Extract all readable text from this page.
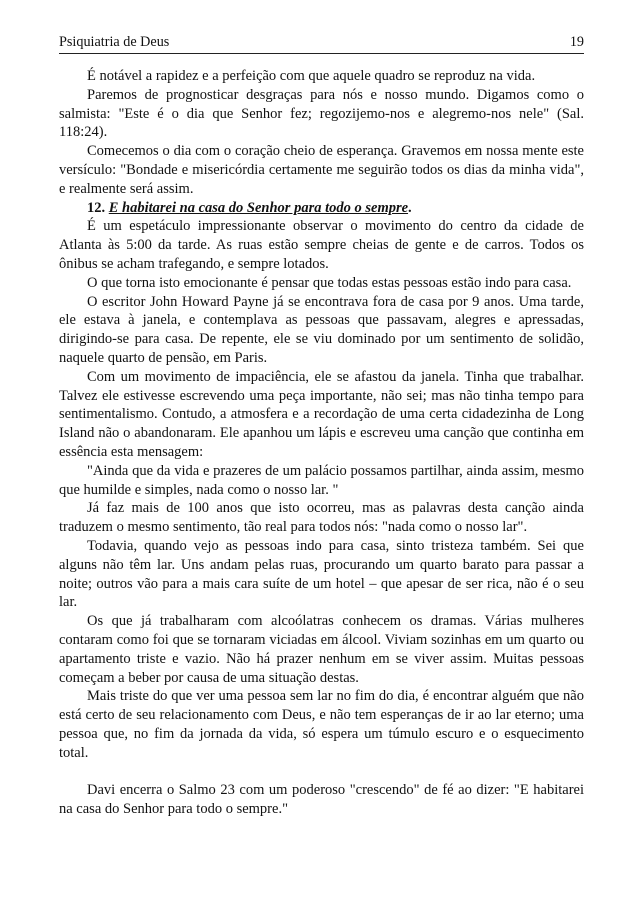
Psiquiatria de Deus	19

É notável a rapidez e a perfeição com que aquele quadro se reproduz na vida.

Paremos de prognosticar desgraças para nós e nosso mundo. Digamos como o salmista: "Este é o dia que Senhor fez; regozijemo-nos e alegremo-nos nele" (Sal. 118:24).

Comecemos o dia com o coração cheio de esperança. Gravemos em nossa mente este versículo: "Bondade e misericórdia certamente me seguirão todos os dias da minha vida", e realmente será assim.

12. E habitarei na casa do Senhor para todo o sempre.

É um espetáculo impressionante observar o movimento do centro da cidade de Atlanta às 5:00 da tarde. As ruas estão sempre cheias de gente e de carros. Todos os ônibus se acham trafegando, e sempre lotados.

O que torna isto emocionante é pensar que todas estas pessoas estão indo para casa.

O escritor John Howard Payne já se encontrava fora de casa por 9 anos. Uma tarde, ele estava à janela, e contemplava as pessoas que passavam, alegres e apressadas, dirigindo-se para casa. De repente, ele se viu dominado por um sentimento de solidão, naquele quarto de pensão, em Paris.

Com um movimento de impaciência, ele se afastou da janela. Tinha que trabalhar. Talvez ele estivesse escrevendo uma peça importante, não sei; mas não tinha tempo para sentimentalismo. Contudo, a atmosfera e a recordação de uma certa cidadezinha de Long Island não o abandonaram. Ele apanhou um lápis e escreveu uma canção que continha em essência esta mensagem:

"Ainda que da vida e prazeres de um palácio possamos partilhar, ainda assim, mesmo que humilde e simples, nada como o nosso lar. "

Já faz mais de 100 anos que isto ocorreu, mas as palavras desta canção ainda traduzem o mesmo sentimento, tão real para todos nós: "nada como o nosso lar".

Todavia, quando vejo as pessoas indo para casa, sinto tristeza também. Sei que alguns não têm lar. Uns andam pelas ruas, procurando um quarto barato para passar a noite; outros vão para a mais cara suíte de um hotel – que apesar de ser rica, não é o seu lar.

Os que já trabalharam com alcoólatras conhecem os dramas. Várias mulheres contaram como foi que se tornaram viciadas em álcool. Viviam sozinhas em um quarto ou apartamento triste e vazio. Não há prazer nenhum em se viver assim. Muitas pessoas começam a beber por causa de uma situação destas.

Mais triste do que ver uma pessoa sem lar no fim do dia, é encontrar alguém que não está certo de seu relacionamento com Deus, e não tem esperanças de ir ao lar eterno; uma pessoa que, no fim da jornada da vida, só espera um túmulo escuro e o esquecimento total.

Davi encerra o Salmo 23 com um poderoso "crescendo" de fé ao dizer: "E habitarei na casa do Senhor para todo o sempre."
